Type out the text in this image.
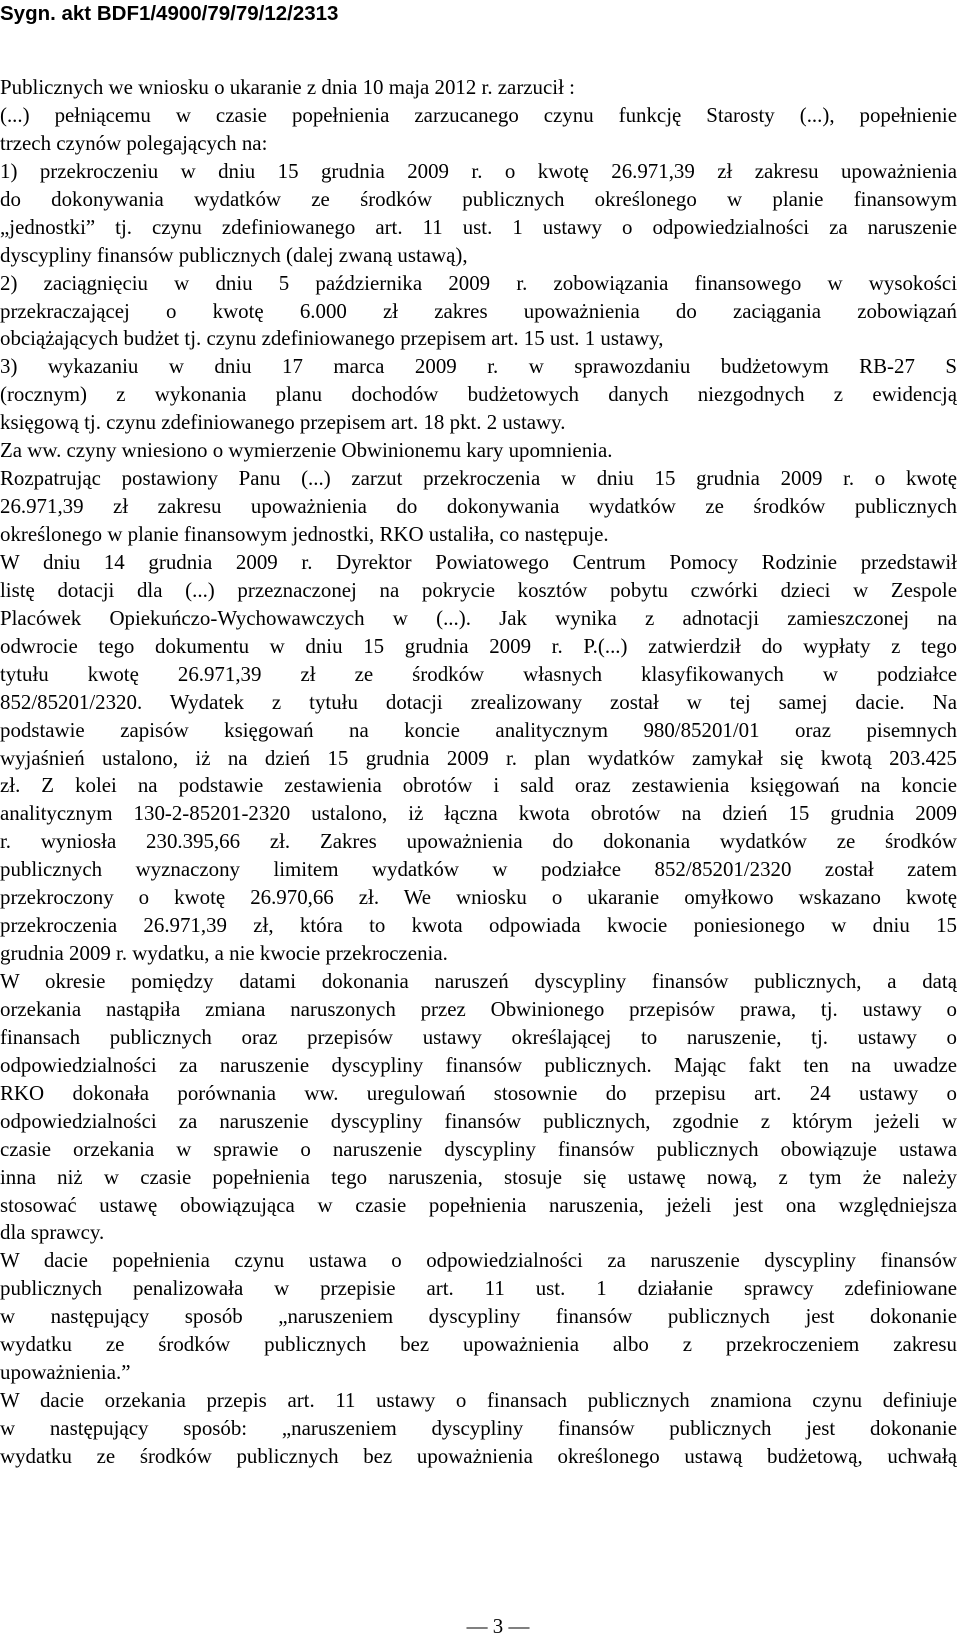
Sygn. akt BDF1/4900/79/79/12/2313
Publicznych we wniosku o ukaranie z dnia 10 maja 2012 r. zarzucił :
(...) pełniącemu w czasie popełnienia zarzucanego czynu funkcję Starosty (...), popełnienie
trzech czynów polegających na:
1) przekroczeniu w dniu 15 grudnia 2009 r. o kwotę 26.971,39 zł zakresu upoważnienia
do dokonywania wydatków ze środków publicznych określonego w planie finansowym
„jednostki” tj. czynu zdefiniowanego art. 11 ust. 1 ustawy o odpowiedzialności za naruszenie
dyscypliny finansów publicznych (dalej zwaną ustawą),
2) zaciągnięciu w dniu 5 października 2009 r. zobowiązania finansowego w wysokości
przekraczającej o kwotę 6.000 zł zakres upoważnienia do zaciągania zobowiązań
obciążających budżet tj. czynu zdefiniowanego przepisem art. 15 ust. 1 ustawy,
3) wykazaniu w dniu 17 marca 2009 r. w sprawozdaniu budżetowym RB-27 S
(rocznym) z wykonania planu dochodów budżetowych danych niezgodnych z ewidencją
księgową tj. czynu zdefiniowanego przepisem art. 18 pkt. 2 ustawy.
Za ww. czyny wniesiono o wymierzenie Obwinionemu kary upomnienia.
Rozpatrując postawiony Panu (...) zarzut przekroczenia w dniu 15 grudnia 2009 r. o kwotę
26.971,39 zł zakresu upoważnienia do dokonywania wydatków ze środków publicznych
określonego w planie finansowym jednostki, RKO ustaliła, co następuje.
W dniu 14 grudnia 2009 r. Dyrektor Powiatowego Centrum Pomocy Rodzinie przedstawił
listę dotacji dla (...) przeznaczonej na pokrycie kosztów pobytu czwórki dzieci w Zespole
Placówek Opiekuńczo-Wychowawczych w (...). Jak wynika z adnotacji zamieszczonej na
odwrocie tego dokumentu w dniu 15 grudnia 2009 r. P.(...) zatwierdził do wypłaty z tego
tytułu kwotę 26.971,39 zł ze środków własnych klasyfikowanych w podziałce
852/85201/2320. Wydatek z tytułu dotacji zrealizowany został w tej samej dacie. Na
podstawie zapisów księgowań na koncie analitycznym 980/85201/01 oraz pisemnych
wyjaśnień ustalono, iż na dzień 15 grudnia 2009 r. plan wydatków zamykał się kwotą 203.425
zł. Z kolei na podstawie zestawienia obrotów i sald oraz zestawienia księgowań na koncie
analitycznym 130-2-85201-2320 ustalono, iż łączna kwota obrotów na dzień 15 grudnia 2009
r. wyniosła 230.395,66 zł. Zakres upoważnienia do dokonania wydatków ze środków
publicznych wyznaczony limitem wydatków w podziałce 852/85201/2320 został zatem
przekroczony o kwotę 26.970,66 zł. We wniosku o ukaranie omyłkowo wskazano kwotę
przekroczenia 26.971,39 zł, która to kwota odpowiada kwocie poniesionego w dniu 15
grudnia 2009 r. wydatku, a nie kwocie przekroczenia.
W okresie pomiędzy datami dokonania naruszeń dyscypliny finansów publicznych, a datą
orzekania nastąpiła zmiana naruszonych przez Obwinionego przepisów prawa, tj. ustawy o
finansach publicznych oraz przepisów ustawy określającej to naruszenie, tj. ustawy o
odpowiedzialności za naruszenie dyscypliny finansów publicznych. Mając fakt ten na uwadze
RKO dokonała porównania ww. uregulowań stosownie do przepisu art. 24 ustawy o
odpowiedzialności za naruszenie dyscypliny finansów publicznych, zgodnie z którym jeżeli w
czasie orzekania w sprawie o naruszenie dyscypliny finansów publicznych obowiązuje ustawa
inna niż w czasie popełnienia tego naruszenia, stosuje się ustawę nową, z tym że należy
stosować ustawę obowiązująca w czasie popełnienia naruszenia, jeżeli jest ona względniejsza
dla sprawcy.
W dacie popełnienia czynu ustawa o odpowiedzialności za naruszenie dyscypliny finansów
publicznych penalizowała w przepisie art. 11 ust. 1 działanie sprawcy zdefiniowane
w następujący sposób „naruszeniem dyscypliny finansów publicznych jest dokonanie
wydatku ze środków publicznych bez upoważnienia albo z przekroczeniem zakresu
upoważnienia.”
W dacie orzekania przepis art. 11 ustawy o finansach publicznych znamiona czynu definiuje
w następujący sposób: „naruszeniem dyscypliny finansów publicznych jest dokonanie
wydatku ze środków publicznych bez upoważnienia określonego ustawą budżetową, uchwałą
— 3 —
